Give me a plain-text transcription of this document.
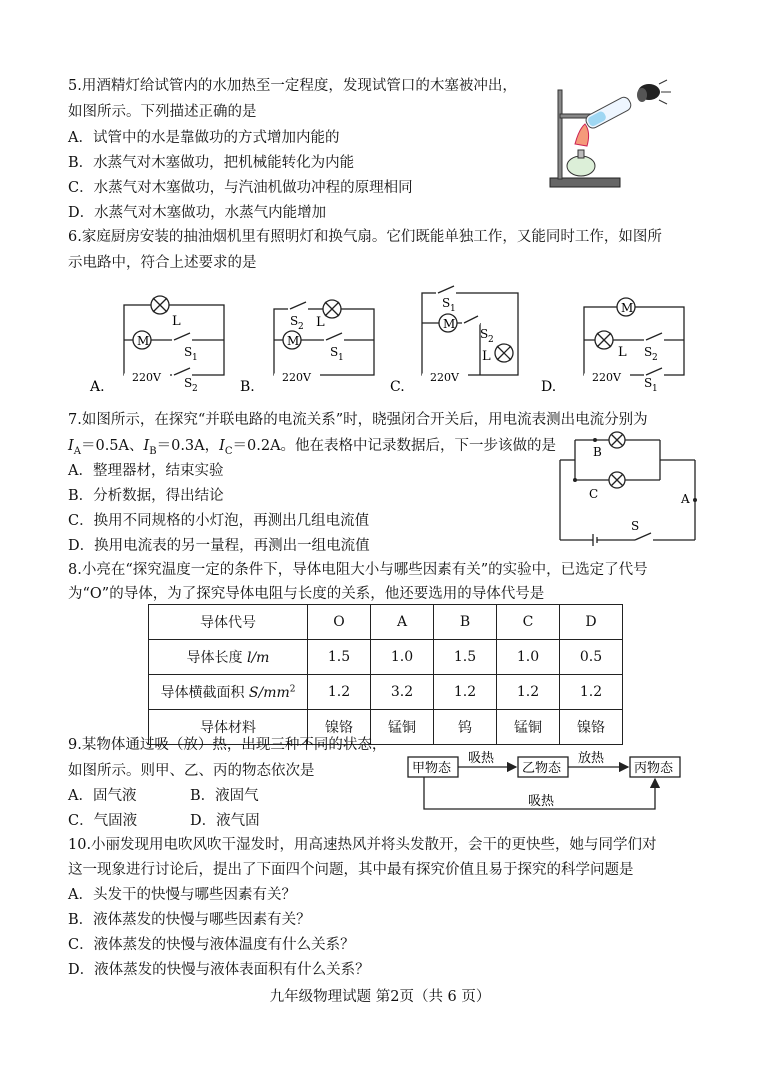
5.用酒精灯给试管内的水加热至一定程度，发现试管口的木塞被冲出，
如图所示。下列描述正确的是
A．试管中的水是靠做功的方式增加内能的
B．水蒸气对木塞做功，把机械能转化为内能
C．水蒸气对木塞做功，与汽油机做功冲程的原理相同
D．水蒸气对木塞做功，水蒸气内能增加
6.家庭厨房安装的抽油烟机里有照明灯和换气扇。它们既能单独工作，又能同时工作，如图所
示电路中，符合上述要求的是
M
L
S 1
S 2
220V
A.
M
S 2 L
S 1
220V
B.
M
S 1
S 2
L
220V
C.
M
L S 2
S 1
220V
D.
7.如图所示，在探究“并联电路的电流关系”时，晓强闭合开关后，用电流表测出电流分别为
$I_A=0.5A$、$I_B=0.3A$，$I_C=0.2A$。他在表格中记录数据后，下一步该做的是
A．整理器材，结束实验
B．分析数据，得出结论
C．换用不同规格的小灯泡，再测出几组电流值
D．换用电流表的另一量程，再测出一组电流值
B
C	A
S
8.小亮在“探究温度一定的条件下，导体电阻大小与哪些因素有关”的实验中，已选定了代号
为“O”的导体，为了探究导体电阻与长度的关系，他还要选用的导体代号是
导体代号	O	A	B	C	D
导体长度 l/m	1.5	1.0	1.5	1.0	0.5
导体横截面积 $S/mm^2$	1.2	3.2	1.2	1.2	1.2
导体材料	镍铬	锰铜	钨	锰铜	镍铬
9.某物体通过吸（放）热，出现三种不同的状态，
如图所示。则甲、乙、丙的物态依次是
A．固气液	B．液固气
C．气固液	D．液气固
甲物态	乙物态	丙物态
吸热	放热
吸热
10.小丽发现用电吹风吹干湿发时，用高速热风并将头发散开，会干的更快些，她与同学们对
这一现象进行讨论后，提出了下面四个问题，其中最有探究价值且易于探究的科学问题是
A．头发干的快慢与哪些因素有关？
B．液体蒸发的快慢与哪些因素有关？
C．液体蒸发的快慢与液体温度有什么关系？
D．液体蒸发的快慢与液体表面积有什么关系？
九年级物理试题 第2页（共 6 页）
